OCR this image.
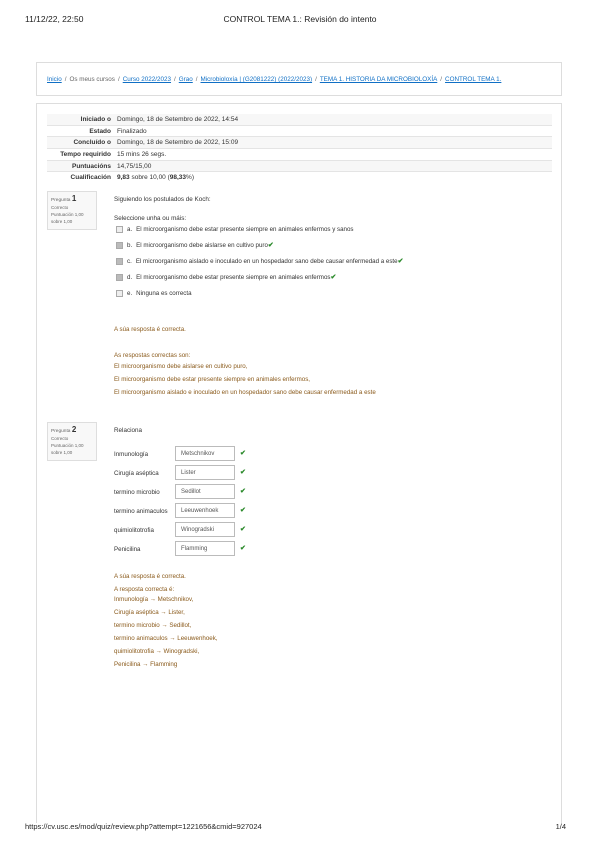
11/12/22, 22:50	CONTROL TEMA 1.: Revisión do intento
Inicio / Os meus cursos / Curso 2022/2023 / Grao / Microbioloxía | (G2081222) (2022/2023) / TEMA 1. HISTORIA DA MICROBIOLOXÍA / CONTROL TEMA 1.
Iniciado o	Domingo, 18 de Setembro de 2022, 14:54
Estado	Finalizado
Concluído o	Domingo, 18 de Setembro de 2022, 15:09
Tempo requirido	15 mins 26 segs.
Puntuacións	14,75/15,00
Cualificación	9,83 sobre 10,00 (98,33%)
Pregunta 1
Correcto
Puntuación 1,00 sobre 1,00
Siguiendo los postulados de Koch:
Seleccione unha ou máis:
a. El microorganismo debe estar presente siempre en animales enfermos y sanos
b. El microorganismo debe aislarse en cultivo puro✔
c. El microorganismo aislado e inoculado en un hospedador sano debe causar enfermedad a este✔
d. El microorganismo debe estar presente siempre en animales enfermos✔
e. Ninguna es correcta
A súa resposta é correcta.
As respostas correctas son:
El microorganismo debe aislarse en cultivo puro,
El microorganismo debe estar presente siempre en animales enfermos,
El microorganismo aislado e inoculado en un hospedador sano debe causar enfermedad a este
Pregunta 2
Correcto
Puntuación 1,00 sobre 1,00
Relaciona
Inmunología	Metschnikov	✔
Cirugía aséptica	Lister	✔
termino microbio	Sedillot	✔
termino animaculos	Leeuwenhoek	✔
quimiolitotrofia	Winogradski	✔
Penicilina	Flamming	✔
A súa resposta é correcta.
A resposta correcta é:
Inmunología → Metschnikov,
Cirugía aséptica → Lister,
termino microbio → Sedillot,
termino animaculos → Leeuwenhoek,
quimiolitotrofia → Winogradski,
Penicilina → Flamming
https://cv.usc.es/mod/quiz/review.php?attempt=1221656&cmid=927024	1/4
